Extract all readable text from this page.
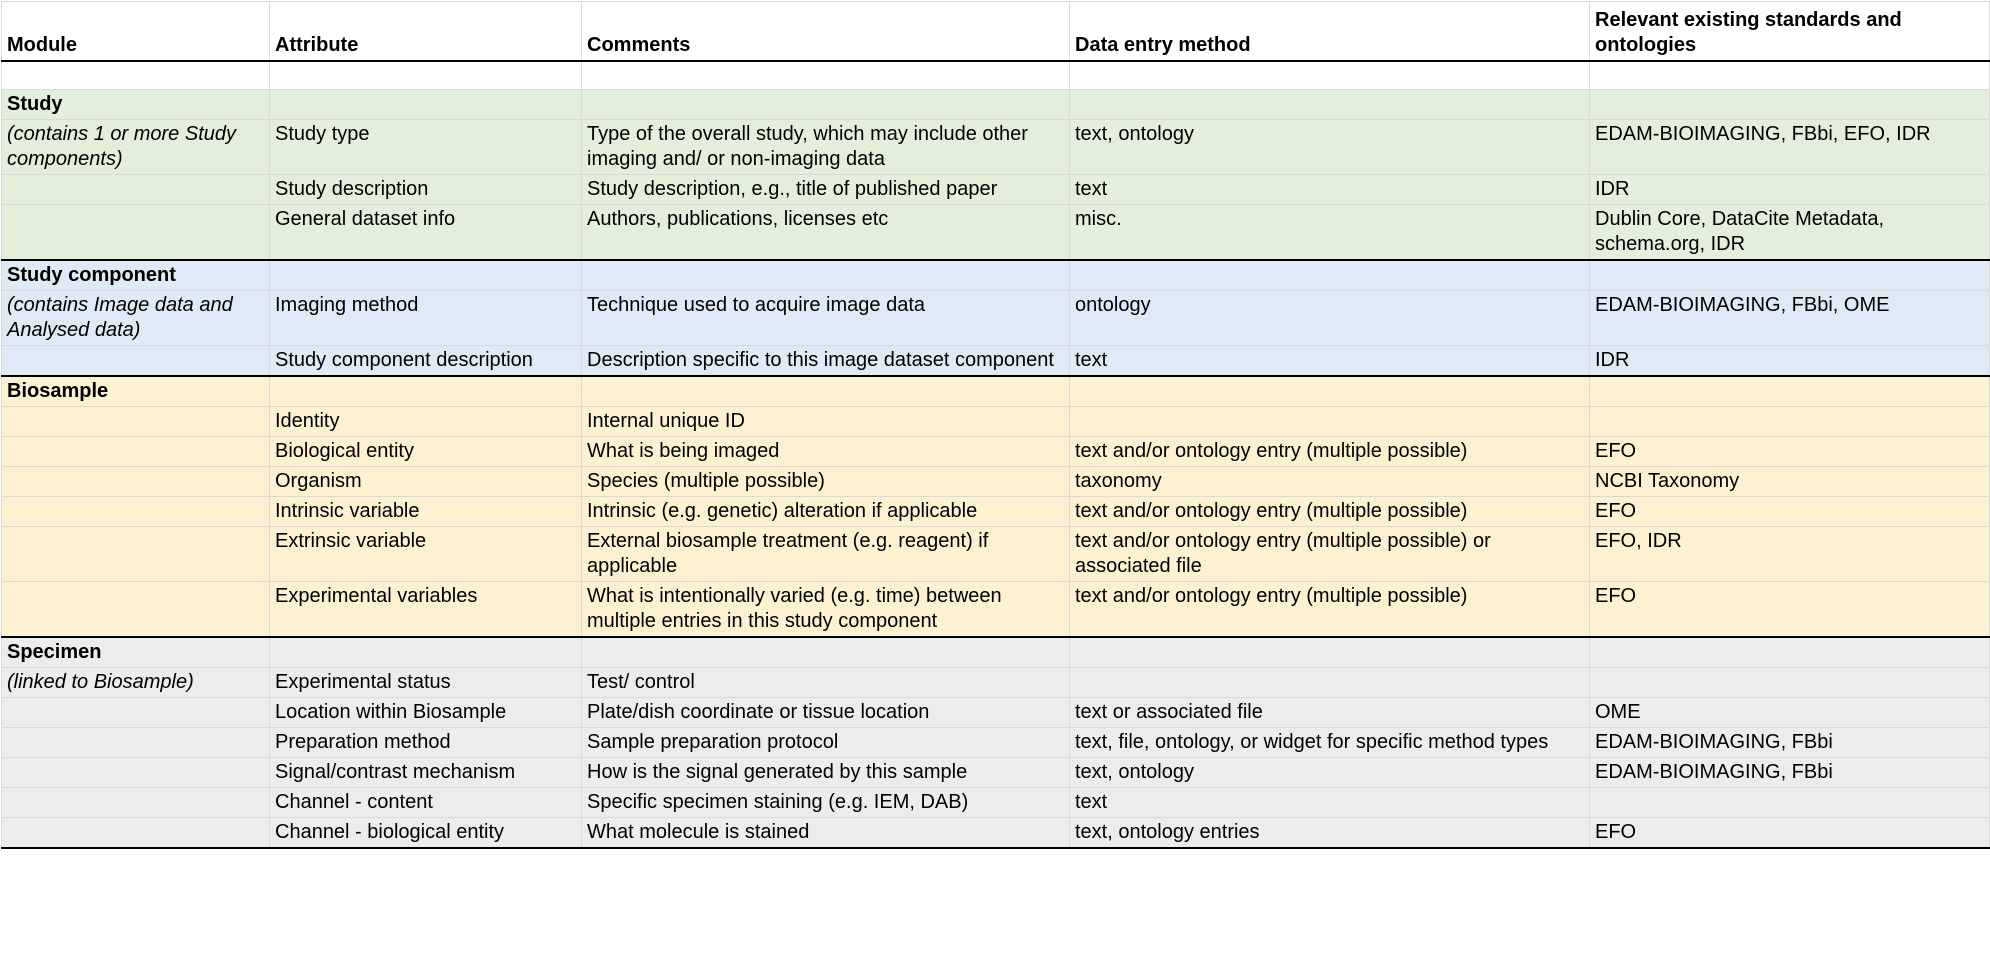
Module	Attribute	Comments	Data entry method	Relevant existing standards and ontologies

Study				
(contains 1 or more Study components)	Study type	Type of the overall study, which may include other imaging and/ or non-imaging data	text, ontology	EDAM-BIOIMAGING, FBbi, EFO, IDR
	Study description	Study description, e.g., title of published paper	text	IDR
	General dataset info	Authors, publications, licenses etc	misc.	Dublin Core, DataCite Metadata, schema.org, IDR
Study component				
(contains Image data and Analysed data)	Imaging method	Technique used to acquire image data	ontology	EDAM-BIOIMAGING, FBbi, OME
	Study component description	Description specific to this image dataset component	text	IDR
Biosample				
	Identity	Internal unique ID		
	Biological entity	What is being imaged	text and/or ontology entry (multiple possible)	EFO
	Organism	Species (multiple possible)	taxonomy	NCBI Taxonomy
	Intrinsic variable	Intrinsic (e.g. genetic) alteration if applicable	text and/or ontology entry (multiple possible)	EFO
	Extrinsic variable	External biosample treatment (e.g. reagent) if applicable	text and/or ontology entry (multiple possible) or associated file	EFO, IDR
	Experimental variables	What is intentionally varied (e.g. time) between multiple entries in this study component	text and/or ontology entry (multiple possible)	EFO
Specimen				
(linked to Biosample)	Experimental status	Test/ control		
	Location within Biosample	Plate/dish coordinate or tissue location	text or associated file	OME
	Preparation method	Sample preparation protocol	text, file, ontology, or widget for specific method types	EDAM-BIOIMAGING, FBbi
	Signal/contrast mechanism	How is the signal generated by this sample	text, ontology	EDAM-BIOIMAGING, FBbi
	Channel - content	Specific specimen staining (e.g. IEM, DAB)	text	
	Channel - biological entity	What molecule is stained	text, ontology entries	EFO
